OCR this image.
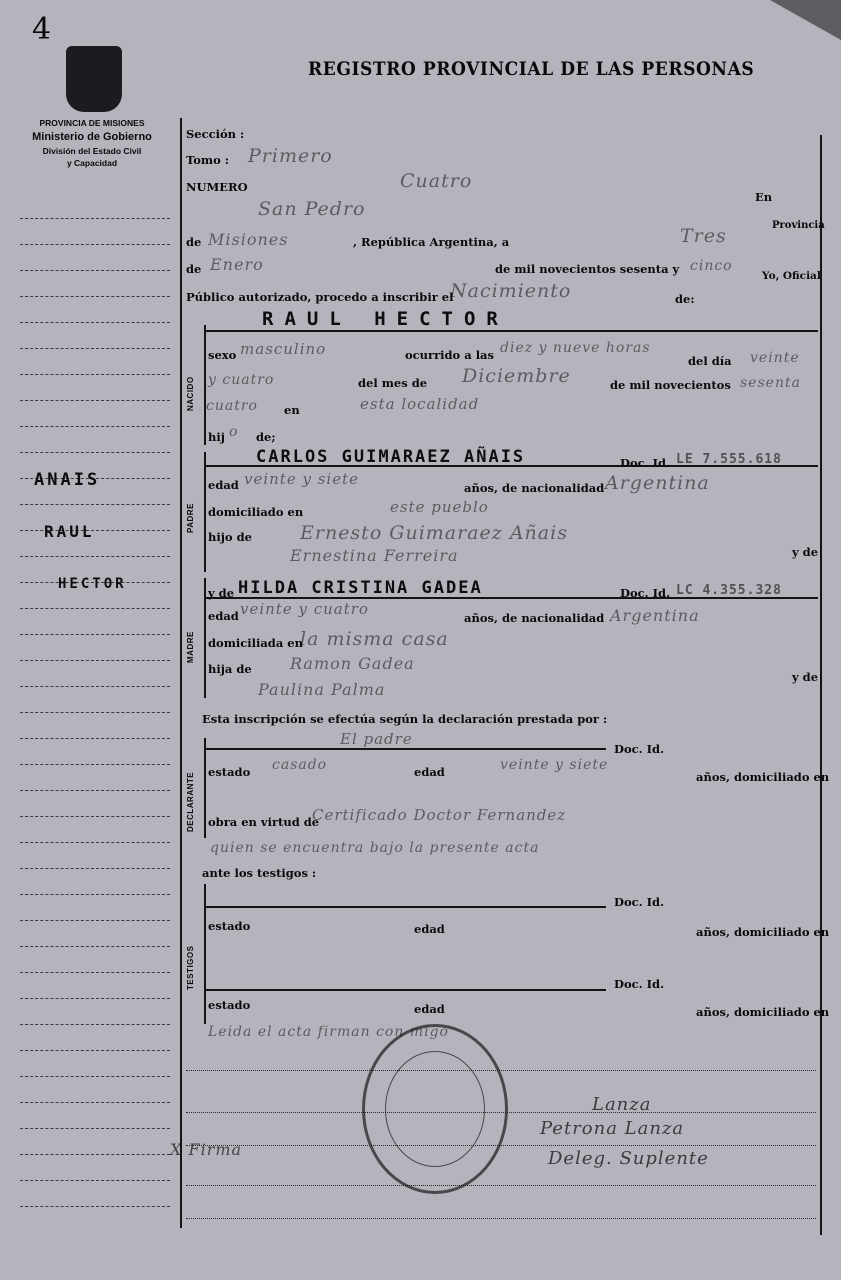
4
REGISTRO PROVINCIAL DE LAS PERSONAS
PROVINCIA DE MISIONES
Ministerio de Gobierno
División del Estado Civil
y Capacidad
ANAIS
RAUL
HECTOR
NACIDO
PADRE
MADRE
DECLARANTE
TESTIGOS
Sección :
Tomo : Primero
NUMERO	Cuatro
En
San Pedro
Provincia
de Misiones	, República Argentina, a	Tres
de Enero	de mil novecientos sesenta y cinco
Yo, Oficial
Público autorizado, procedo a inscribir el
Nacimiento	de:
RAUL HECTOR
sexo masculino	ocurrido a las diez y nueve horas
del día veinte
y cuatro	del mes de Diciembre	de mil novecientos sesenta
cuatro en	esta localidad
hij o de;
CARLOS GUIMARAEZ AÑAIS	Doc. Id. LE 7.555.618
edad veinte y siete	años, de nacionalidad Argentina
domiciliado en	este pueblo
hijo de	Ernesto Guimaraez Añais
y de
Ernestina Ferreira
y de HILDA CRISTINA GADEA	Doc. Id. LC 4.355.328
edad veinte y cuatro	años, de nacionalidad Argentina
domiciliada en
la misma casa
hija de Ramon Gadea
y de
Paulina Palma
Esta inscripción se efectúa según la declaración prestada por :
El padre
Doc. Id.
estado casado	edad	veinte y siete
años, domiciliado en
obra en virtud de
Certificado Doctor Fernandez
quien se encuentra bajo la presente acta
ante los testigos :
Doc. Id.
estado	edad	años, domiciliado en
Doc. Id.
estado	edad	años, domiciliado en
Leida el acta firman con migo
X Firma
Lanza
Petrona Lanza
Deleg. Suplente
